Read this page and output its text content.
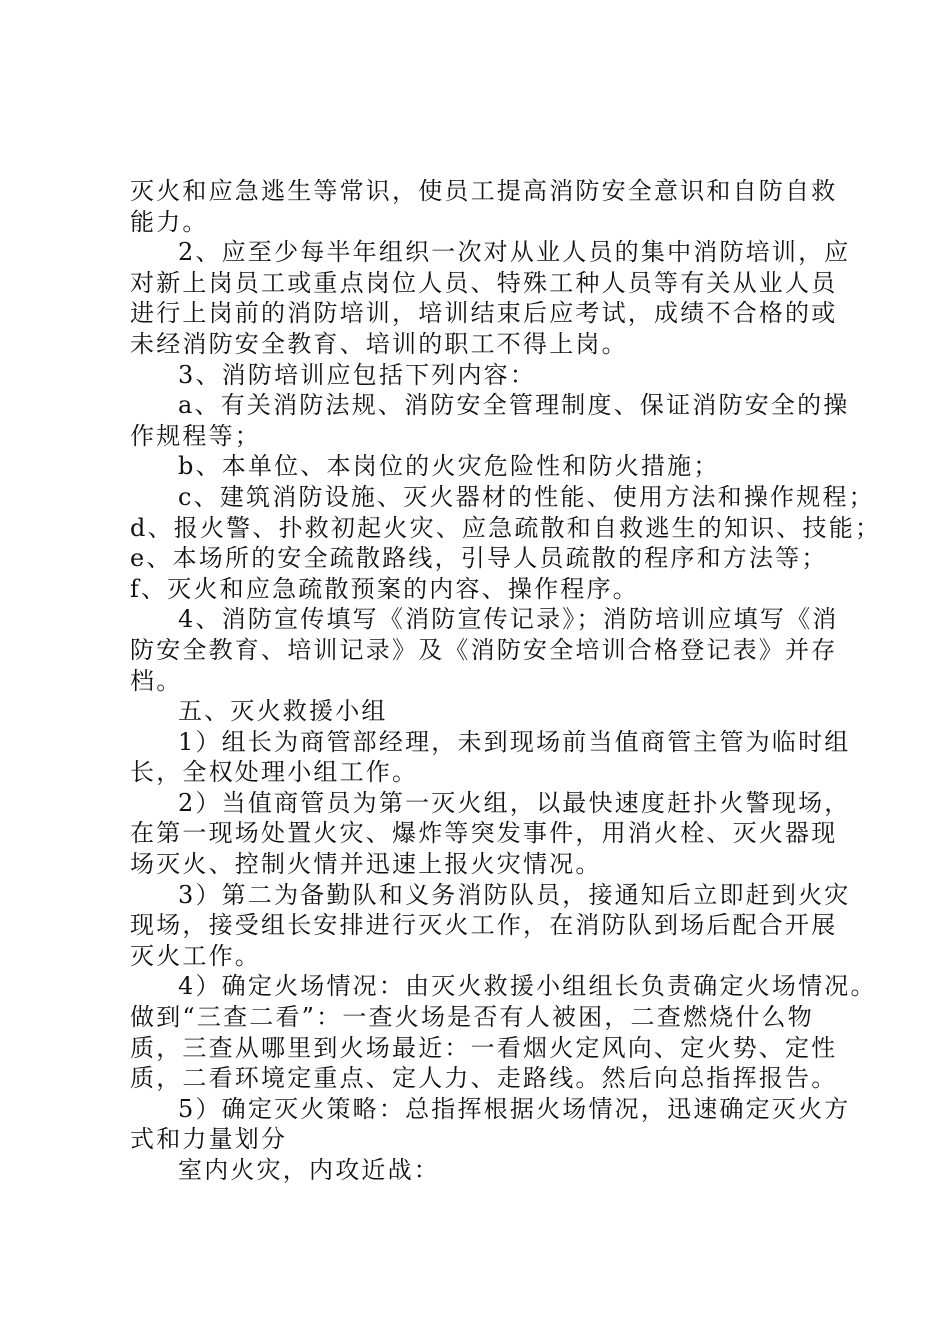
灭火和应急逃生等常识，使员工提高消防安全意识和自防自救
能力。
2、应至少每半年组织一次对从业人员的集中消防培训，应
对新上岗员工或重点岗位人员、特殊工种人员等有关从业人员
进行上岗前的消防培训，培训结束后应考试，成绩不合格的或
未经消防安全教育、培训的职工不得上岗。
3、消防培训应包括下列内容：
a、有关消防法规、消防安全管理制度、保证消防安全的操
作规程等；
b、本单位、本岗位的火灾危险性和防火措施；
c、建筑消防设施、灭火器材的性能、使用方法和操作规程；
d、报火警、扑救初起火灾、应急疏散和自救逃生的知识、技能；
e、本场所的安全疏散路线，引导人员疏散的程序和方法等；
f、灭火和应急疏散预案的内容、操作程序。
4、消防宣传填写《消防宣传记录》；消防培训应填写《消
防安全教育、培训记录》及《消防安全培训合格登记表》并存
档。
五、灭火救援小组
1）组长为商管部经理，未到现场前当值商管主管为临时组
长，全权处理小组工作。
2）当值商管员为第一灭火组，以最快速度赶扑火警现场，
在第一现场处置火灾、爆炸等突发事件，用消火栓、灭火器现
场灭火、控制火情并迅速上报火灾情况。
3）第二为备勤队和义务消防队员，接通知后立即赶到火灾
现场，接受组长安排进行灭火工作，在消防队到场后配合开展
灭火工作。
4）确定火场情况：由灭火救援小组组长负责确定火场情况。
做到“三查二看”：一查火场是否有人被困，二查燃烧什么物
质，三查从哪里到火场最近：一看烟火定风向、定火势、定性
质，二看环境定重点、定人力、走路线。然后向总指挥报告。
5）确定灭火策略：总指挥根据火场情况，迅速确定灭火方
式和力量划分
室内火灾，内攻近战：
